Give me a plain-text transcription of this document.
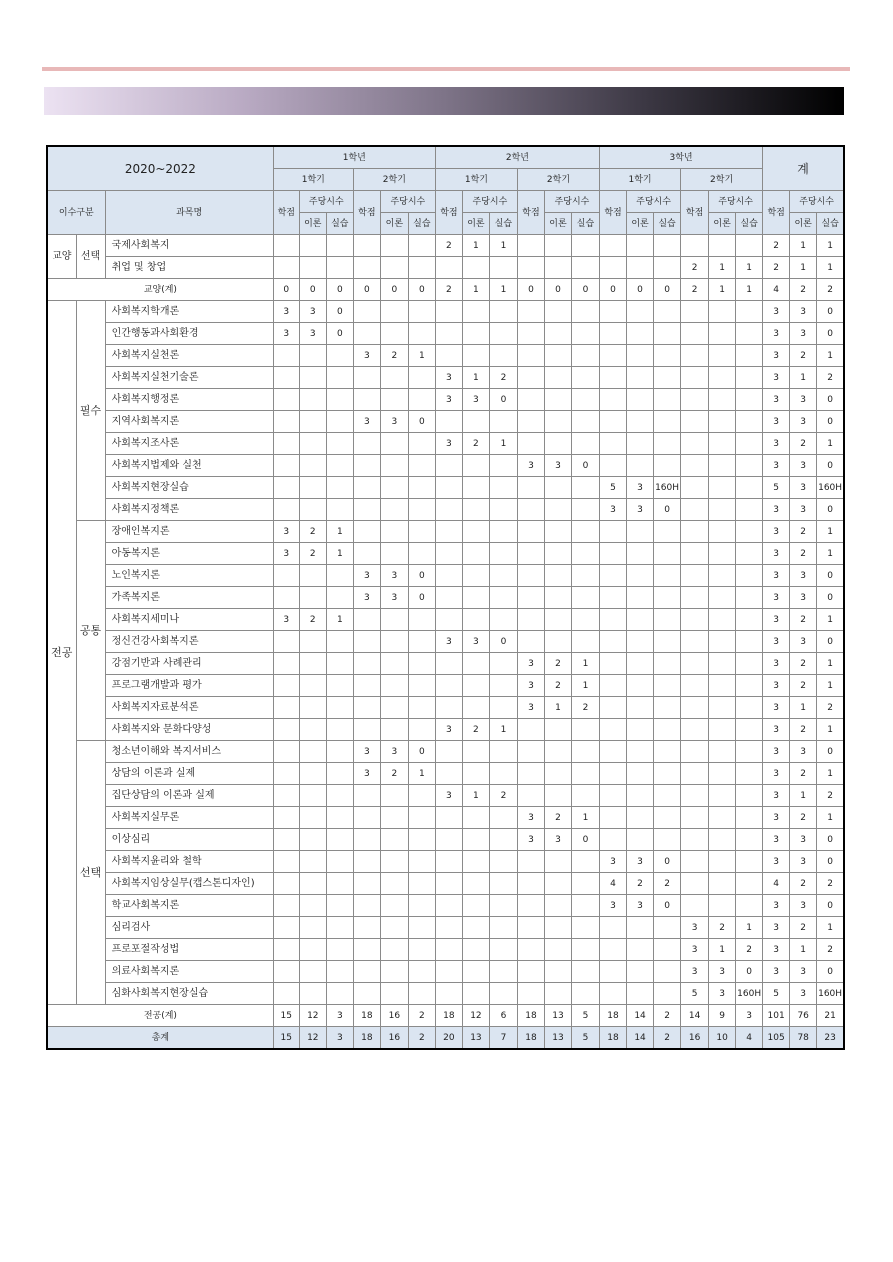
2020~2022			1학년						2학년						3학년						계		
			1학기			2학기			1학기			2학기			1학기			2학기					
이수구분		과목명	학점	주당시수		학점	주당시수		학점	주당시수		학점	주당시수		학점	주당시수		학점	주당시수		학점	주당시수	
				이론	실습		이론	실습		이론	실습		이론	실습		이론	실습		이론	실습		이론	실습
교양	선택	국제사회복지							2	1	1										2	1	1
		취업 및 창업																2	1	1	2	1	1
교양(계)			0	0	0	0	0	0	2	1	1	0	0	0	0	0	0	2	1	1	4	2	2
전공	필수	사회복지학개론	3	3	0																3	3	0
		인간행동과사회환경	3	3	0																3	3	0
		사회복지실천론				3	2	1													3	2	1
		사회복지실천기술론							3	1	2										3	1	2
		사회복지행정론							3	3	0										3	3	0
		지역사회복지론				3	3	0													3	3	0
		사회복지조사론							3	2	1										3	2	1
		사회복지법제와 실천										3	3	0							3	3	0
		사회복지현장실습													5	3	160H				5	3	160H
		사회복지정책론													3	3	0				3	3	0
	공통	장애인복지론	3	2	1																3	2	1
		아동복지론	3	2	1																3	2	1
		노인복지론				3	3	0													3	3	0
		가족복지론				3	3	0													3	3	0
		사회복지세미나	3	2	1																3	2	1
		정신건강사회복지론							3	3	0										3	3	0
		강점기반과 사례관리										3	2	1							3	2	1
		프로그램개발과 평가										3	2	1							3	2	1
		사회복지자료분석론										3	1	2							3	1	2
		사회복지와 문화다양성							3	2	1										3	2	1
	선택	청소년이해와 복지서비스				3	3	0													3	3	0
		상담의 이론과 실제				3	2	1													3	2	1
		집단상담의 이론과 실제							3	1	2										3	1	2
		사회복지실무론										3	2	1							3	2	1
		이상심리										3	3	0							3	3	0
		사회복지윤리와 철학													3	3	0				3	3	0
		사회복지임상실무(캡스톤디자인)													4	2	2				4	2	2
		학교사회복지론													3	3	0				3	3	0
		심리검사																3	2	1	3	2	1
		프로포절작성법																3	1	2	3	1	2
		의료사회복지론																3	3	0	3	3	0
		심화사회복지현장실습																5	3	160H	5	3	160H
전공(계)			15	12	3	18	16	2	18	12	6	18	13	5	18	14	2	14	9	3	101	76	21
총계			15	12	3	18	16	2	20	13	7	18	13	5	18	14	2	16	10	4	105	78	23
